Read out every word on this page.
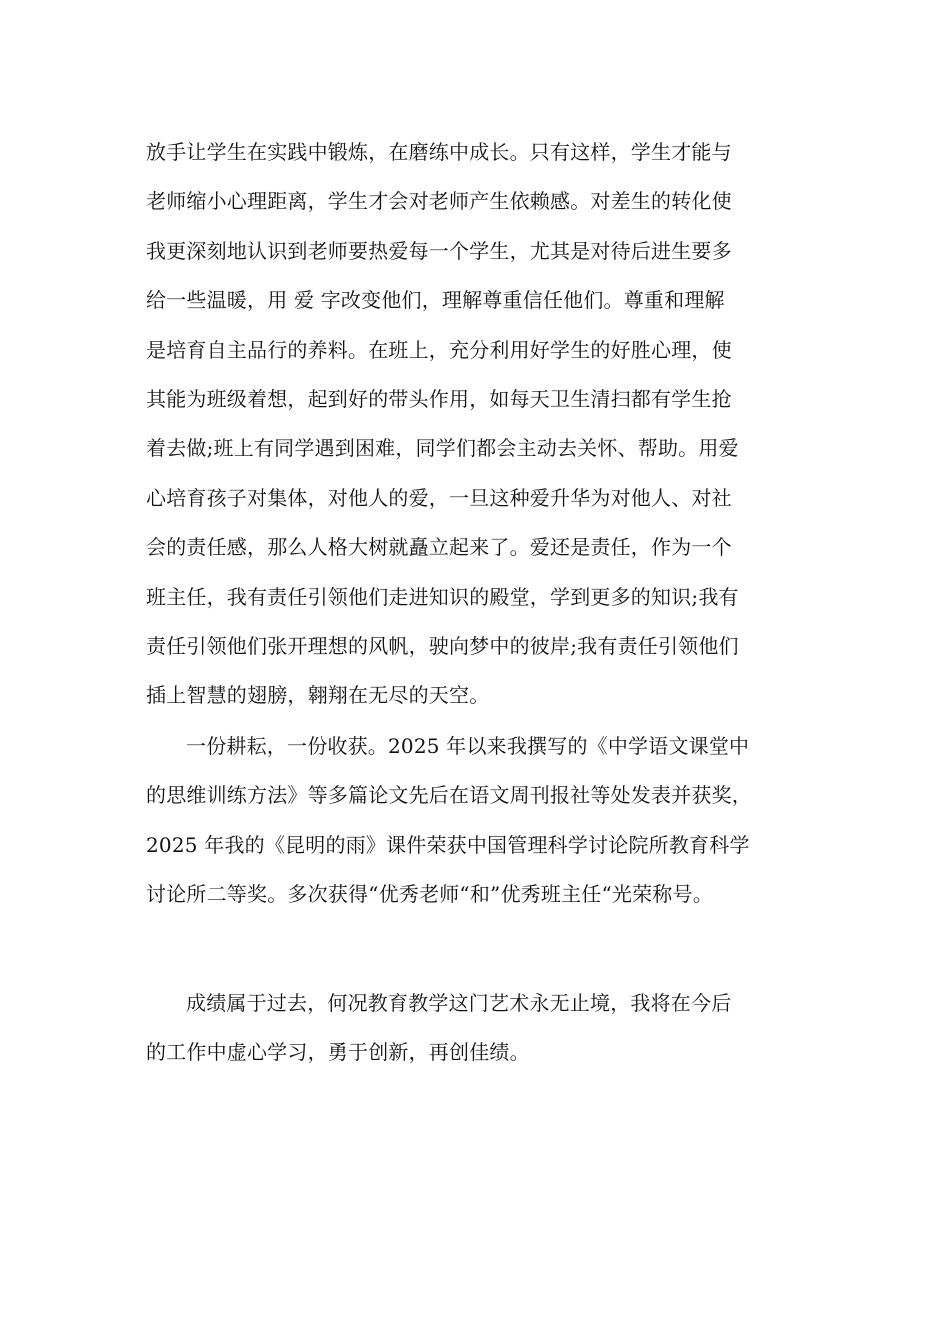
放手让学生在实践中锻炼，在磨练中成长。只有这样，学生才能与
老师缩小心理距离，学生才会对老师产生依赖感。对差生的转化使
我更深刻地认识到老师要热爱每一个学生，尤其是对待后进生要多
给一些温暖，用 爱 字改变他们，理解尊重信任他们。尊重和理解
是培育自主品行的养料。在班上，充分利用好学生的好胜心理，使
其能为班级着想，起到好的带头作用，如每天卫生清扫都有学生抢
着去做;班上有同学遇到困难，同学们都会主动去关怀、帮助。用爱
心培育孩子对集体，对他人的爱，一旦这种爱升华为对他人、对社
会的责任感，那么人格大树就矗立起来了。爱还是责任，作为一个
班主任，我有责任引领他们走进知识的殿堂，学到更多的知识;我有
责任引领他们张开理想的风帆，驶向梦中的彼岸;我有责任引领他们
插上智慧的翅膀，翱翔在无尽的天空。
一份耕耘，一份收获。2025 年以来我撰写的《中学语文课堂中
的思维训练方法》等多篇论文先后在语文周刊报社等处发表并获奖，
2025 年我的《昆明的雨》课件荣获中国管理科学讨论院所教育科学
讨论所二等奖。多次获得“优秀老师“和”优秀班主任“光荣称号。
成绩属于过去，何况教育教学这门艺术永无止境，我将在今后
的工作中虚心学习，勇于创新，再创佳绩。
